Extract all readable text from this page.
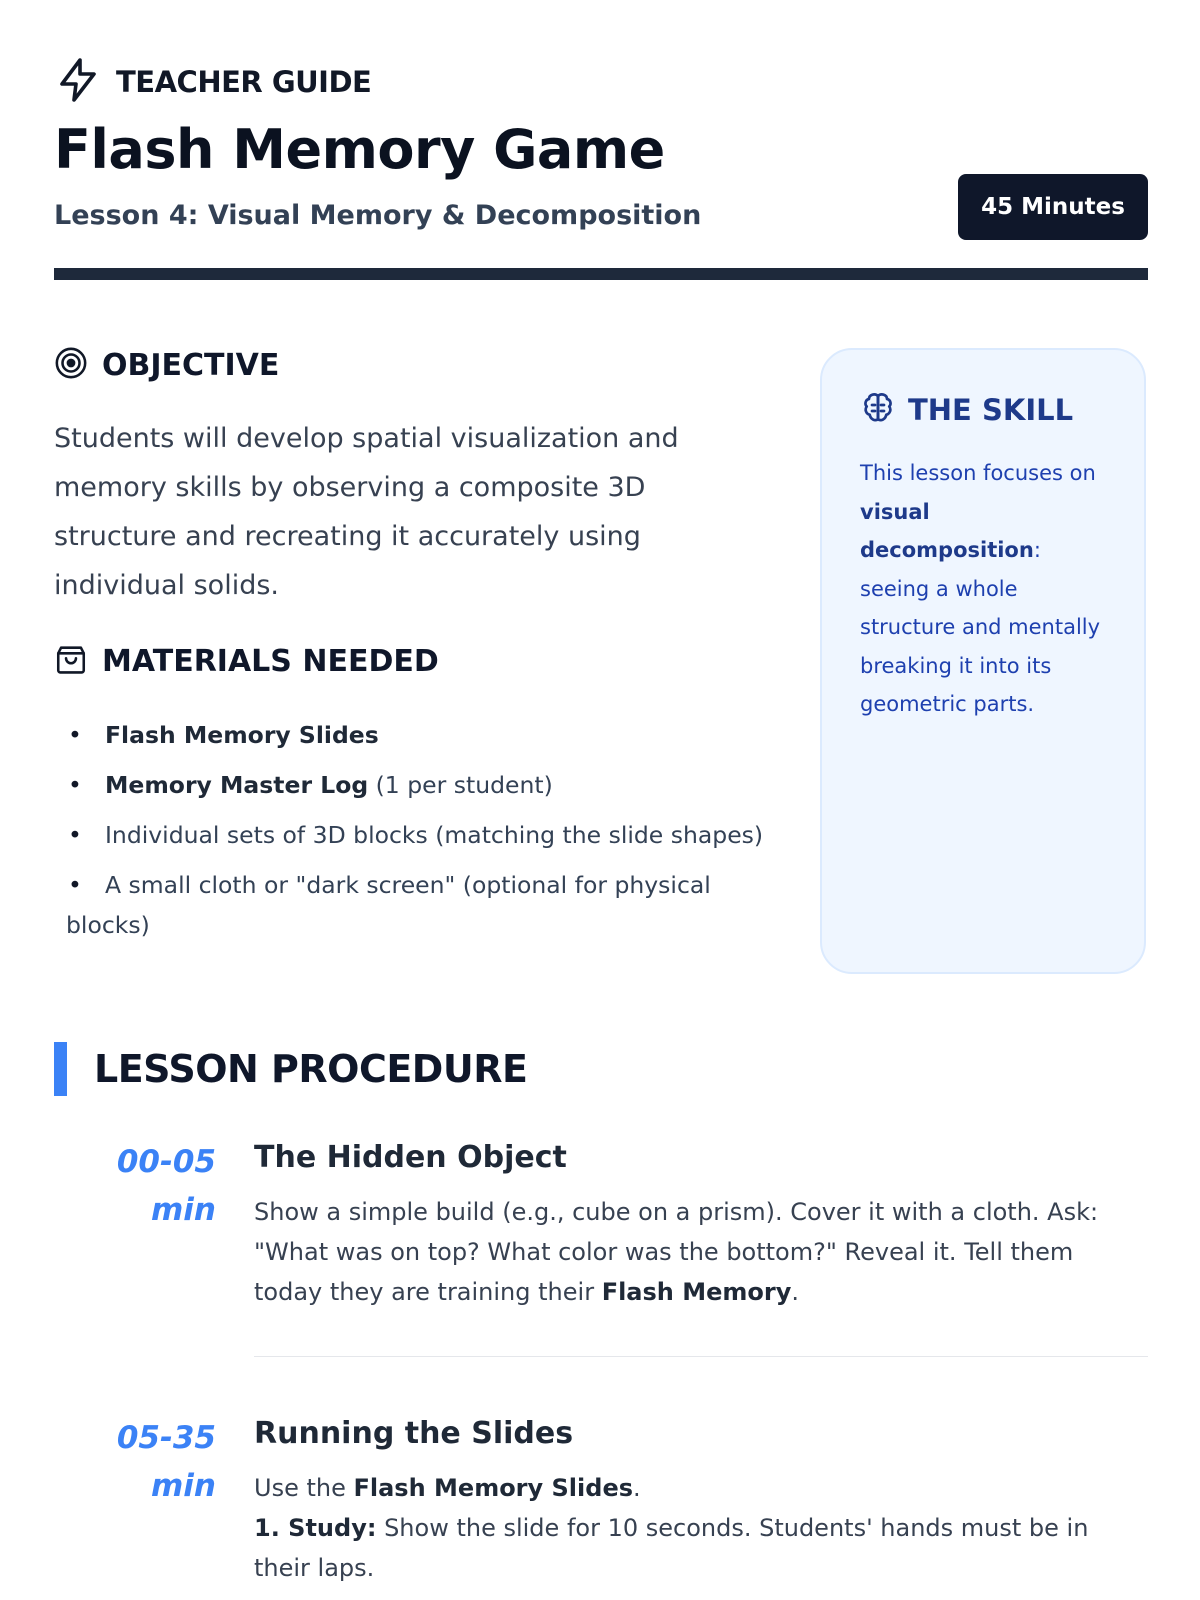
TEACHER GUIDE
Flash Memory Game
Lesson 4: Visual Memory & Decomposition	45 Minutes
OBJECTIVE
Students will develop spatial visualization and memory skills by observing a composite 3D structure and recreating it accurately using individual solids.
MATERIALS NEEDED
• Flash Memory Slides
• Memory Master Log (1 per student)
• Individual sets of 3D blocks (matching the slide shapes)
• A small cloth or "dark screen" (optional for physical blocks)
THE SKILL
This lesson focuses on visual decomposition: seeing a whole structure and mentally breaking it into its geometric parts.
LESSON PROCEDURE
00-05 min
The Hidden Object
Show a simple build (e.g., cube on a prism). Cover it with a cloth. Ask: "What was on top? What color was the bottom?" Reveal it. Tell them today they are training their Flash Memory.
05-35 min
Running the Slides
Use the Flash Memory Slides.
1. Study: Show the slide for 10 seconds. Students' hands must be in their laps.
